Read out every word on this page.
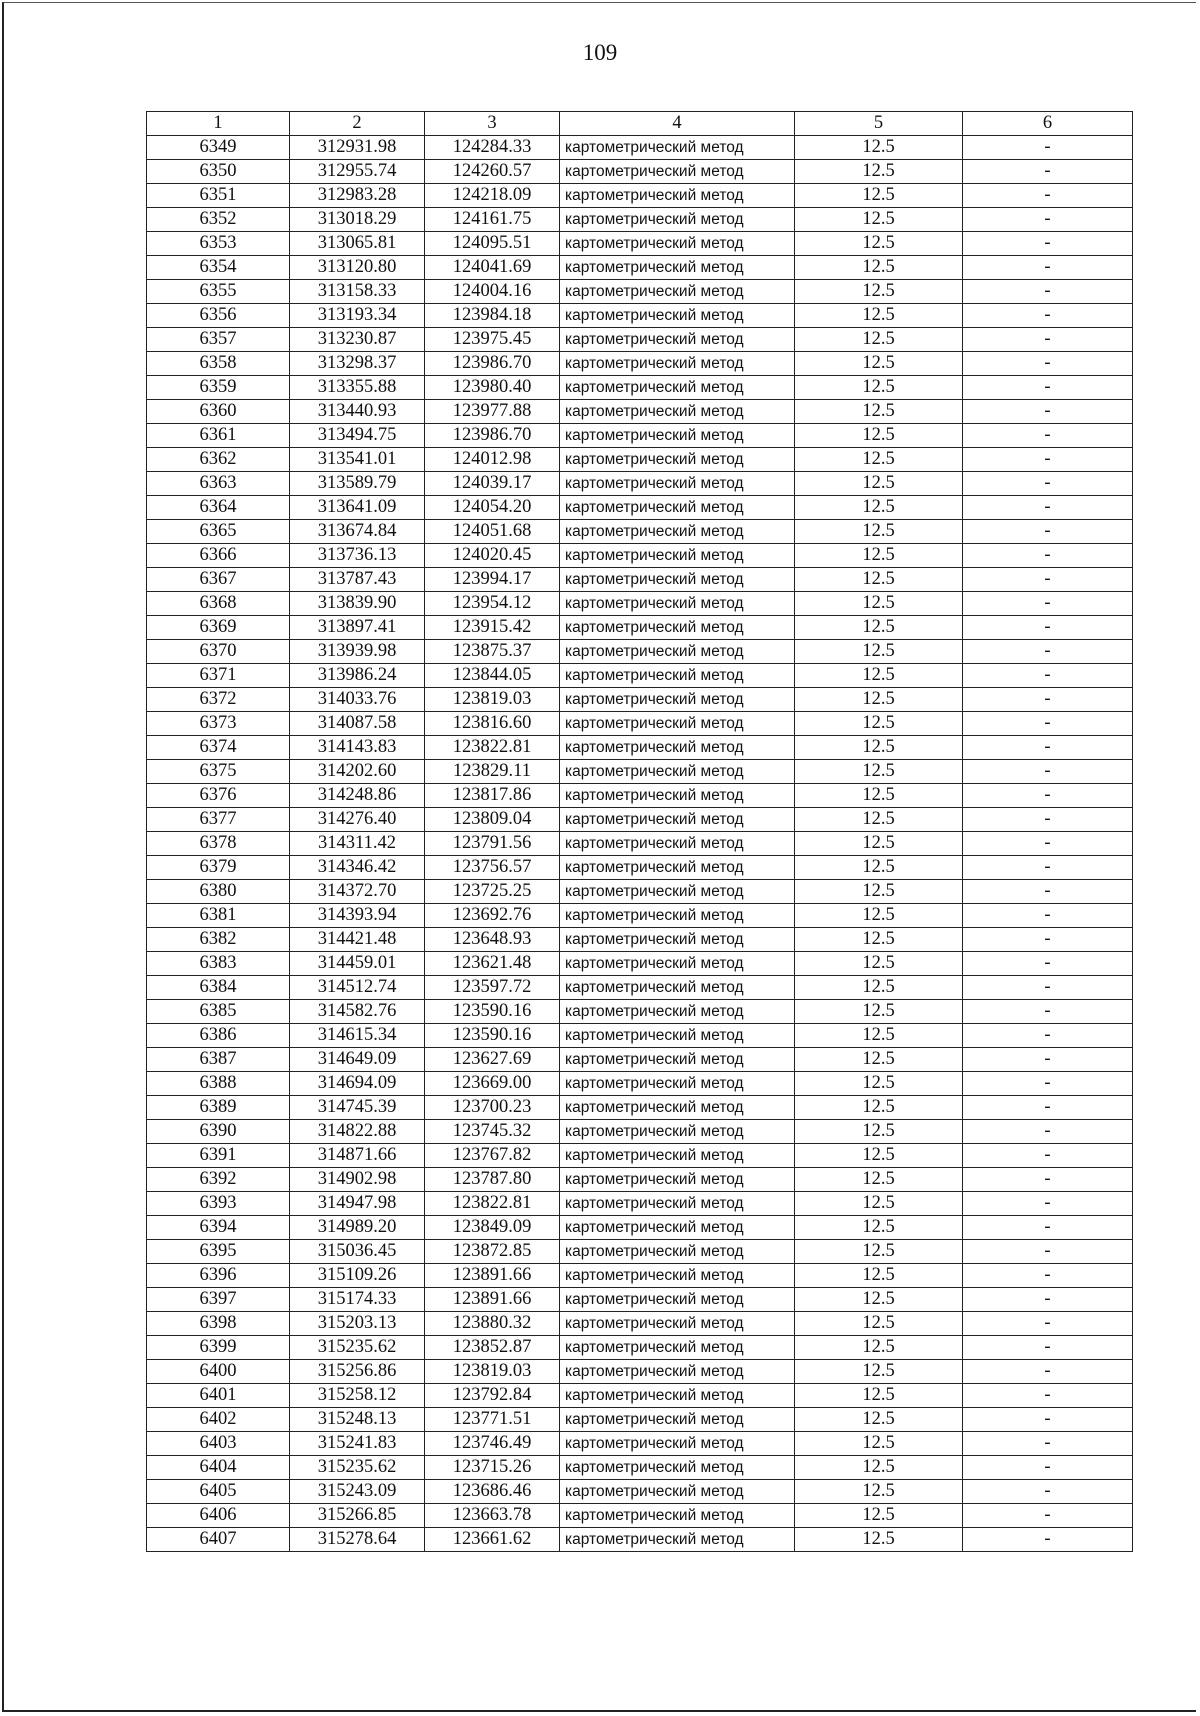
109
1	2	3	4	5	6
6349	312931.98	124284.33	картометрический метод	12.5	-
6350	312955.74	124260.57	картометрический метод	12.5	-
6351	312983.28	124218.09	картометрический метод	12.5	-
6352	313018.29	124161.75	картометрический метод	12.5	-
6353	313065.81	124095.51	картометрический метод	12.5	-
6354	313120.80	124041.69	картометрический метод	12.5	-
6355	313158.33	124004.16	картометрический метод	12.5	-
6356	313193.34	123984.18	картометрический метод	12.5	-
6357	313230.87	123975.45	картометрический метод	12.5	-
6358	313298.37	123986.70	картометрический метод	12.5	-
6359	313355.88	123980.40	картометрический метод	12.5	-
6360	313440.93	123977.88	картометрический метод	12.5	-
6361	313494.75	123986.70	картометрический метод	12.5	-
6362	313541.01	124012.98	картометрический метод	12.5	-
6363	313589.79	124039.17	картометрический метод	12.5	-
6364	313641.09	124054.20	картометрический метод	12.5	-
6365	313674.84	124051.68	картометрический метод	12.5	-
6366	313736.13	124020.45	картометрический метод	12.5	-
6367	313787.43	123994.17	картометрический метод	12.5	-
6368	313839.90	123954.12	картометрический метод	12.5	-
6369	313897.41	123915.42	картометрический метод	12.5	-
6370	313939.98	123875.37	картометрический метод	12.5	-
6371	313986.24	123844.05	картометрический метод	12.5	-
6372	314033.76	123819.03	картометрический метод	12.5	-
6373	314087.58	123816.60	картометрический метод	12.5	-
6374	314143.83	123822.81	картометрический метод	12.5	-
6375	314202.60	123829.11	картометрический метод	12.5	-
6376	314248.86	123817.86	картометрический метод	12.5	-
6377	314276.40	123809.04	картометрический метод	12.5	-
6378	314311.42	123791.56	картометрический метод	12.5	-
6379	314346.42	123756.57	картометрический метод	12.5	-
6380	314372.70	123725.25	картометрический метод	12.5	-
6381	314393.94	123692.76	картометрический метод	12.5	-
6382	314421.48	123648.93	картометрический метод	12.5	-
6383	314459.01	123621.48	картометрический метод	12.5	-
6384	314512.74	123597.72	картометрический метод	12.5	-
6385	314582.76	123590.16	картометрический метод	12.5	-
6386	314615.34	123590.16	картометрический метод	12.5	-
6387	314649.09	123627.69	картометрический метод	12.5	-
6388	314694.09	123669.00	картометрический метод	12.5	-
6389	314745.39	123700.23	картометрический метод	12.5	-
6390	314822.88	123745.32	картометрический метод	12.5	-
6391	314871.66	123767.82	картометрический метод	12.5	-
6392	314902.98	123787.80	картометрический метод	12.5	-
6393	314947.98	123822.81	картометрический метод	12.5	-
6394	314989.20	123849.09	картометрический метод	12.5	-
6395	315036.45	123872.85	картометрический метод	12.5	-
6396	315109.26	123891.66	картометрический метод	12.5	-
6397	315174.33	123891.66	картометрический метод	12.5	-
6398	315203.13	123880.32	картометрический метод	12.5	-
6399	315235.62	123852.87	картометрический метод	12.5	-
6400	315256.86	123819.03	картометрический метод	12.5	-
6401	315258.12	123792.84	картометрический метод	12.5	-
6402	315248.13	123771.51	картометрический метод	12.5	-
6403	315241.83	123746.49	картометрический метод	12.5	-
6404	315235.62	123715.26	картометрический метод	12.5	-
6405	315243.09	123686.46	картометрический метод	12.5	-
6406	315266.85	123663.78	картометрический метод	12.5	-
6407	315278.64	123661.62	картометрический метод	12.5	-
